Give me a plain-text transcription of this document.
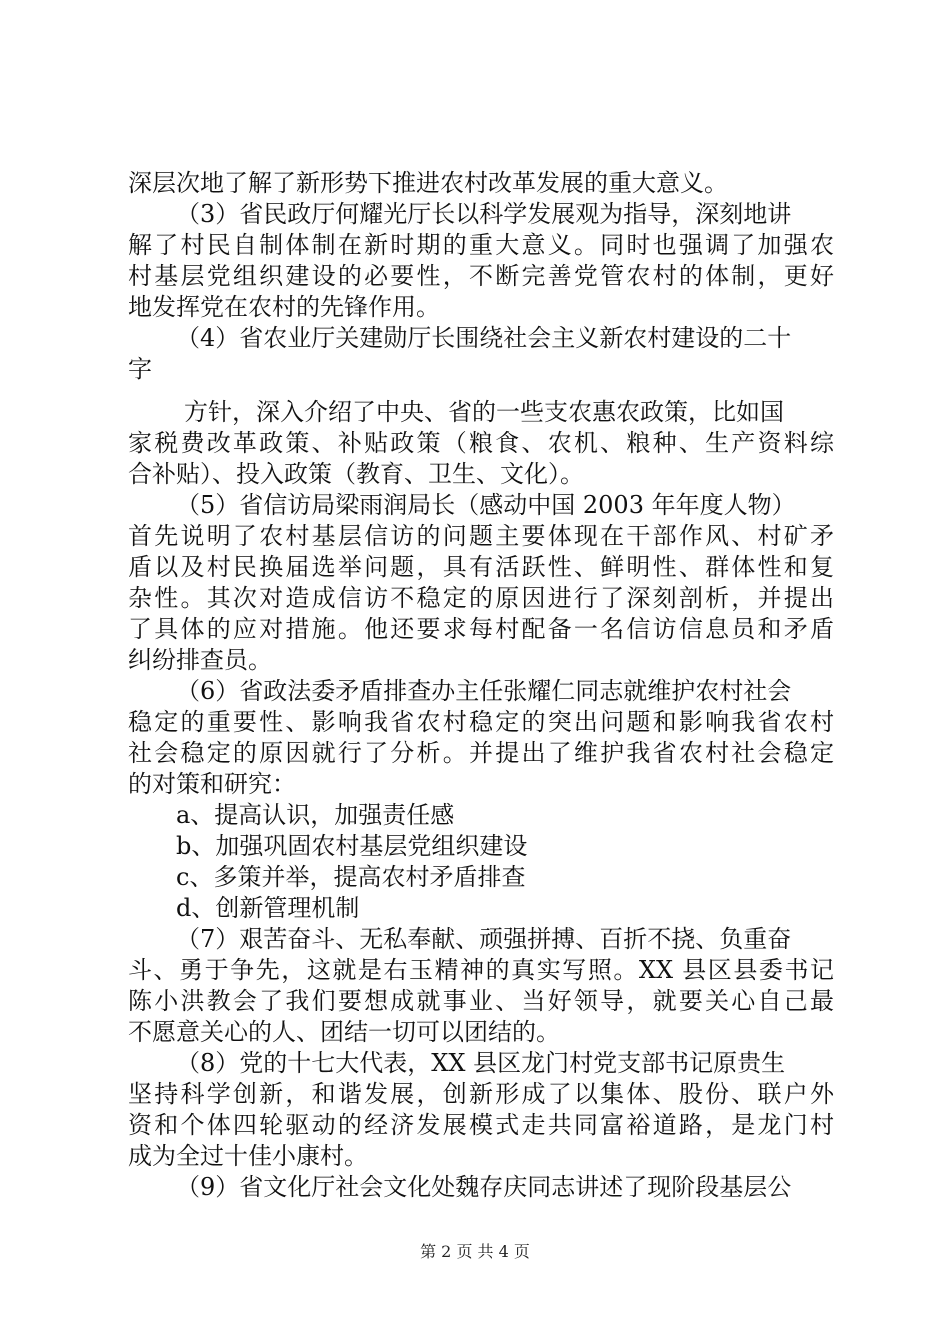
深层次地了解了新形势下推进农村改革发展的重大意义。
（3）省民政厅何耀光厅长以科学发展观为指导，深刻地讲
解了村民自制体制在新时期的重大意义。同时也强调了加强农
村基层党组织建设的必要性，不断完善党管农村的体制，更好
地发挥党在农村的先锋作用。
（4）省农业厅关建勋厅长围绕社会主义新农村建设的二十
字
方针，深入介绍了中央、省的一些支农惠农政策，比如国
家税费改革政策、补贴政策（粮食、农机、粮种、生产资料综
合补贴）、投入政策（教育、卫生、文化）。
（5）省信访局梁雨润局长（感动中国 2003 年年度人物）
首先说明了农村基层信访的问题主要体现在干部作风、村矿矛
盾以及村民换届选举问题，具有活跃性、鲜明性、群体性和复
杂性。其次对造成信访不稳定的原因进行了深刻剖析，并提出
了具体的应对措施。他还要求每村配备一名信访信息员和矛盾
纠纷排查员。
（6）省政法委矛盾排查办主任张耀仁同志就维护农村社会
稳定的重要性、影响我省农村稳定的突出问题和影响我省农村
社会稳定的原因就行了分析。并提出了维护我省农村社会稳定
的对策和研究：
a、提高认识，加强责任感
b、加强巩固农村基层党组织建设
c、多策并举，提高农村矛盾排查
d、创新管理机制
（7）艰苦奋斗、无私奉献、顽强拼搏、百折不挠、负重奋
斗、勇于争先，这就是右玉精神的真实写照。XX 县区县委书记
陈小洪教会了我们要想成就事业、当好领导，就要关心自己最
不愿意关心的人、团结一切可以团结的。
（8）党的十七大代表，XX 县区龙门村党支部书记原贵生
坚持科学创新，和谐发展，创新形成了以集体、股份、联户外
资和个体四轮驱动的经济发展模式走共同富裕道路，是龙门村
成为全过十佳小康村。
（9）省文化厅社会文化处魏存庆同志讲述了现阶段基层公
第 2 页 共 4 页
